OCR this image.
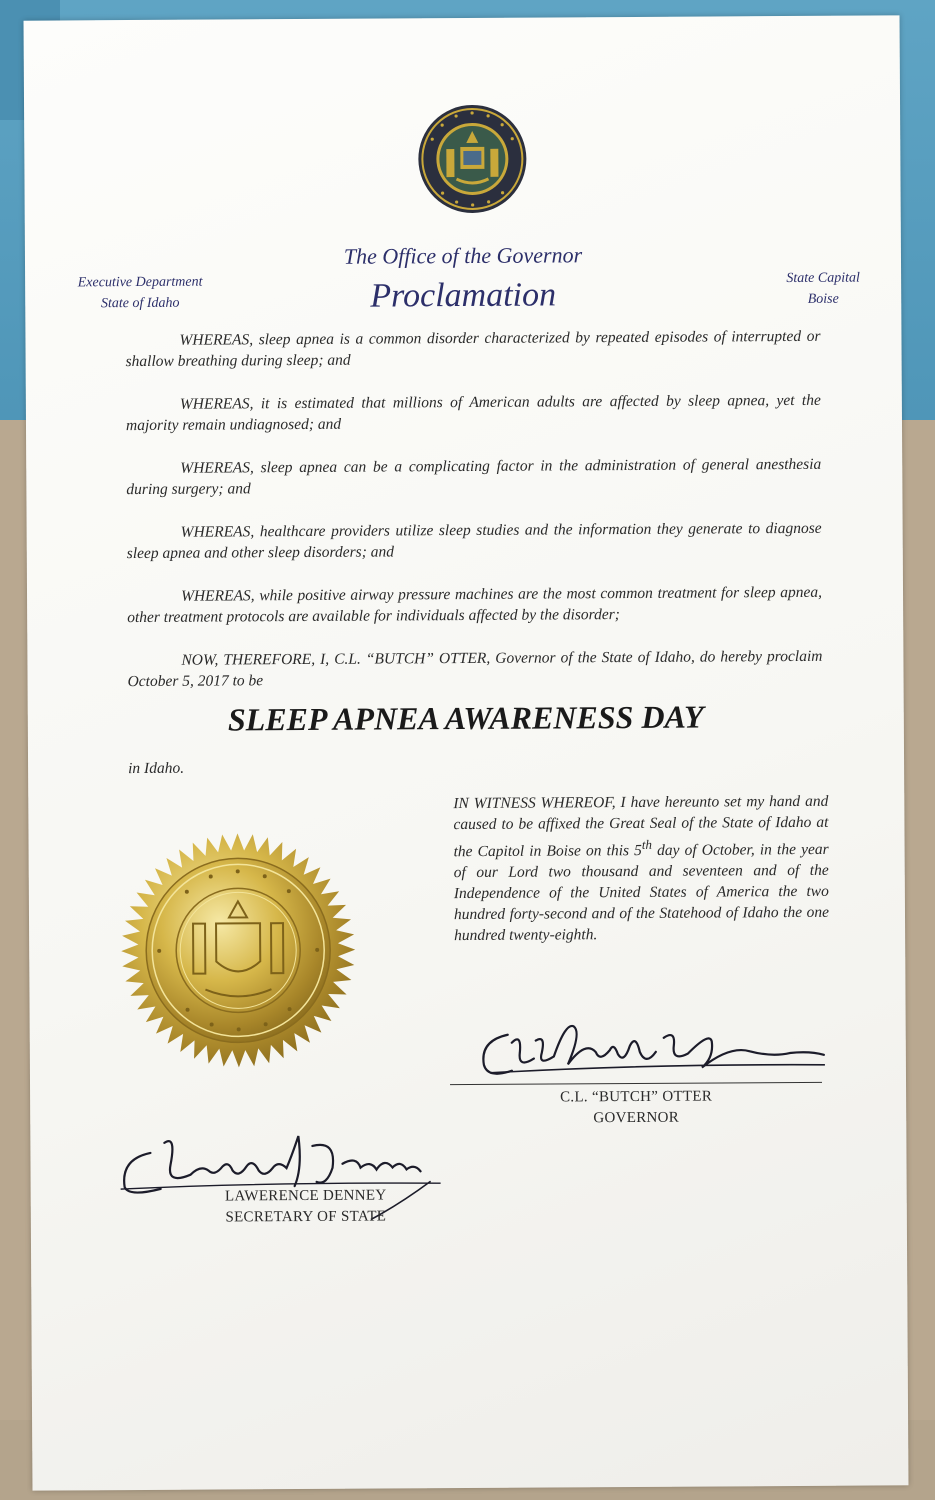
The Office of the Governor

Proclamation

Executive Department
State of Idaho
State Capital
Boise

WHEREAS, sleep apnea is a common disorder characterized by repeated episodes of interrupted or shallow breathing during sleep; and

WHEREAS, it is estimated that millions of American adults are affected by sleep apnea, yet the majority remain undiagnosed; and

WHEREAS, sleep apnea can be a complicating factor in the administration of general anesthesia during surgery; and

WHEREAS, healthcare providers utilize sleep studies and the information they generate to diagnose sleep apnea and other sleep disorders; and

WHEREAS, while positive airway pressure machines are the most common treatment for sleep apnea, other treatment protocols are available for individuals affected by the disorder;

NOW, THEREFORE, I, C.L. “BUTCH” OTTER, Governor of the State of Idaho, do hereby proclaim October 5, 2017 to be

SLEEP APNEA AWARENESS DAY

in Idaho.

IN WITNESS WHEREOF, I have hereunto set my hand and caused to be affixed the Great Seal of the State of Idaho at the Capitol in Boise on this 5th day of October, in the year of our Lord two thousand and seventeen and of the Independence of the United States of America the two hundred forty-second and of the Statehood of Idaho the one hundred twenty-eighth.

C.L. “BUTCH” OTTER
GOVERNOR
LAWERENCE DENNEY
SECRETARY OF STATE
